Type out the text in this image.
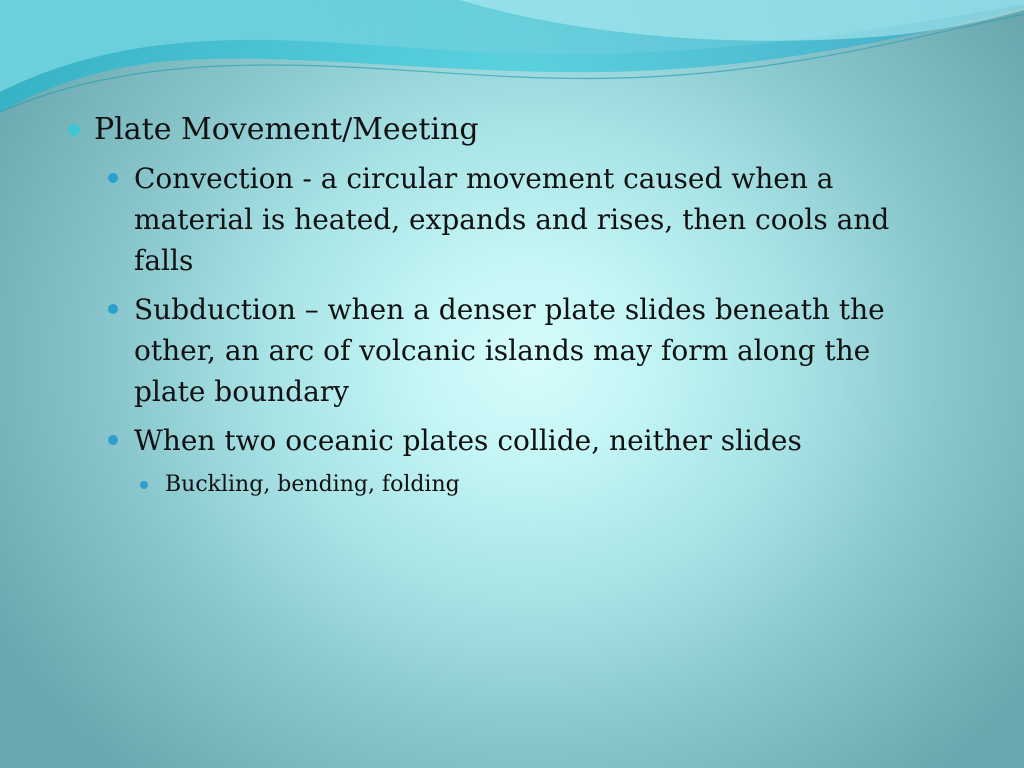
Plate Movement/Meeting
Convection - a circular movement caused when a material is heated, expands and rises, then cools and falls
Subduction – when a denser plate slides beneath the other, an arc of volcanic islands may form along the plate boundary
When two oceanic plates collide, neither slides
Buckling, bending, folding
